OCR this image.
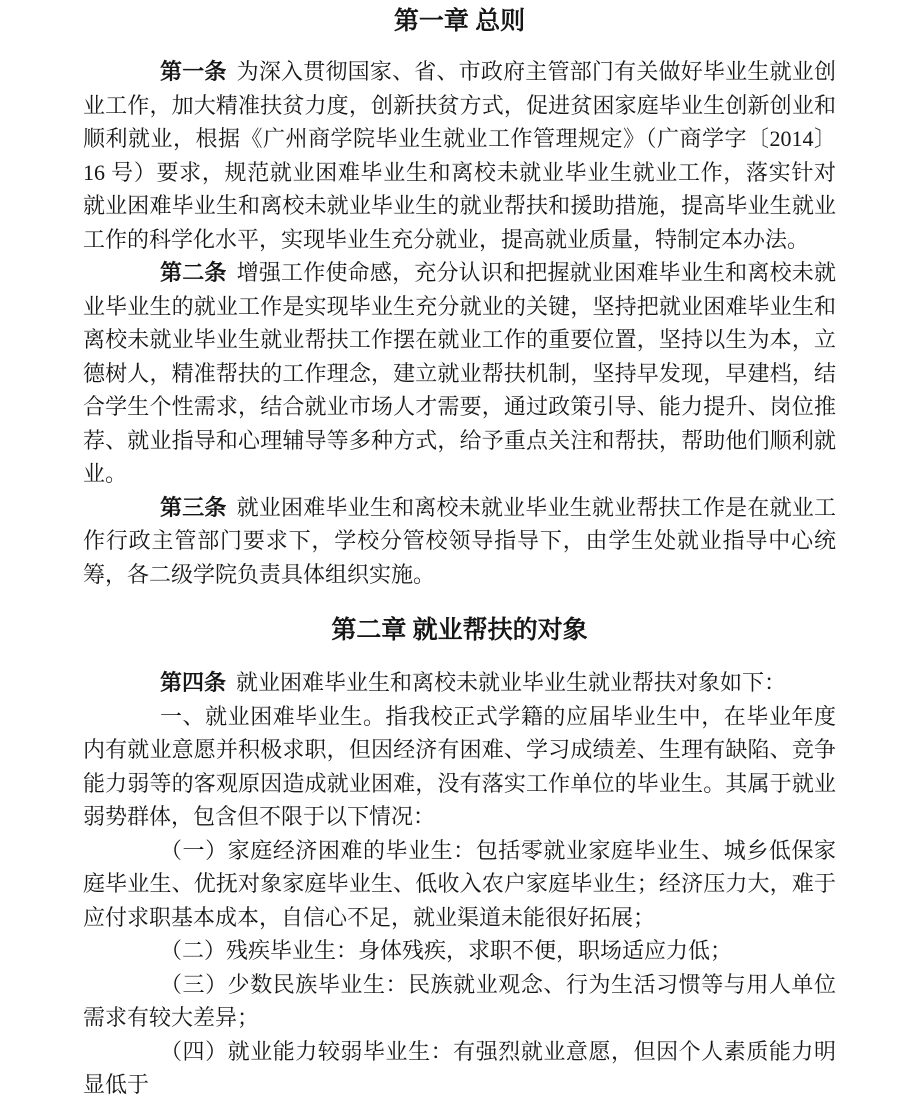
第一章 总则

第一条 为深入贯彻国家、省、市政府主管部门有关做好毕业生就业创业工作，加大精准扶贫力度，创新扶贫方式，促进贫困家庭毕业生创新创业和顺利就业，根据《广州商学院毕业生就业工作管理规定》（广商学字〔2014〕16 号）要求，规范就业困难毕业生和离校未就业毕业生就业工作，落实针对就业困难毕业生和离校未就业毕业生的就业帮扶和援助措施，提高毕业生就业工作的科学化水平，实现毕业生充分就业，提高就业质量，特制定本办法。

第二条 增强工作使命感，充分认识和把握就业困难毕业生和离校未就业毕业生的就业工作是实现毕业生充分就业的关键，坚持把就业困难毕业生和离校未就业毕业生就业帮扶工作摆在就业工作的重要位置，坚持以生为本，立德树人，精准帮扶的工作理念，建立就业帮扶机制，坚持早发现，早建档，结合学生个性需求，结合就业市场人才需要，通过政策引导、能力提升、岗位推荐、就业指导和心理辅导等多种方式，给予重点关注和帮扶，帮助他们顺利就业。

第三条 就业困难毕业生和离校未就业毕业生就业帮扶工作是在就业工作行政主管部门要求下，学校分管校领导指导下，由学生处就业指导中心统筹，各二级学院负责具体组织实施。

第二章 就业帮扶的对象

第四条 就业困难毕业生和离校未就业毕业生就业帮扶对象如下：

一、就业困难毕业生。指我校正式学籍的应届毕业生中，在毕业年度内有就业意愿并积极求职，但因经济有困难、学习成绩差、生理有缺陷、竞争能力弱等的客观原因造成就业困难，没有落实工作单位的毕业生。其属于就业弱势群体，包含但不限于以下情况：

（一）家庭经济困难的毕业生：包括零就业家庭毕业生、城乡低保家庭毕业生、优抚对象家庭毕业生、低收入农户家庭毕业生；经济压力大，难于应付求职基本成本，自信心不足，就业渠道未能很好拓展；

（二）残疾毕业生：身体残疾，求职不便，职场适应力低；

（三）少数民族毕业生：民族就业观念、行为生活习惯等与用人单位需求有较大差异；

（四）就业能力较弱毕业生：有强烈就业意愿，但因个人素质能力明显低于
